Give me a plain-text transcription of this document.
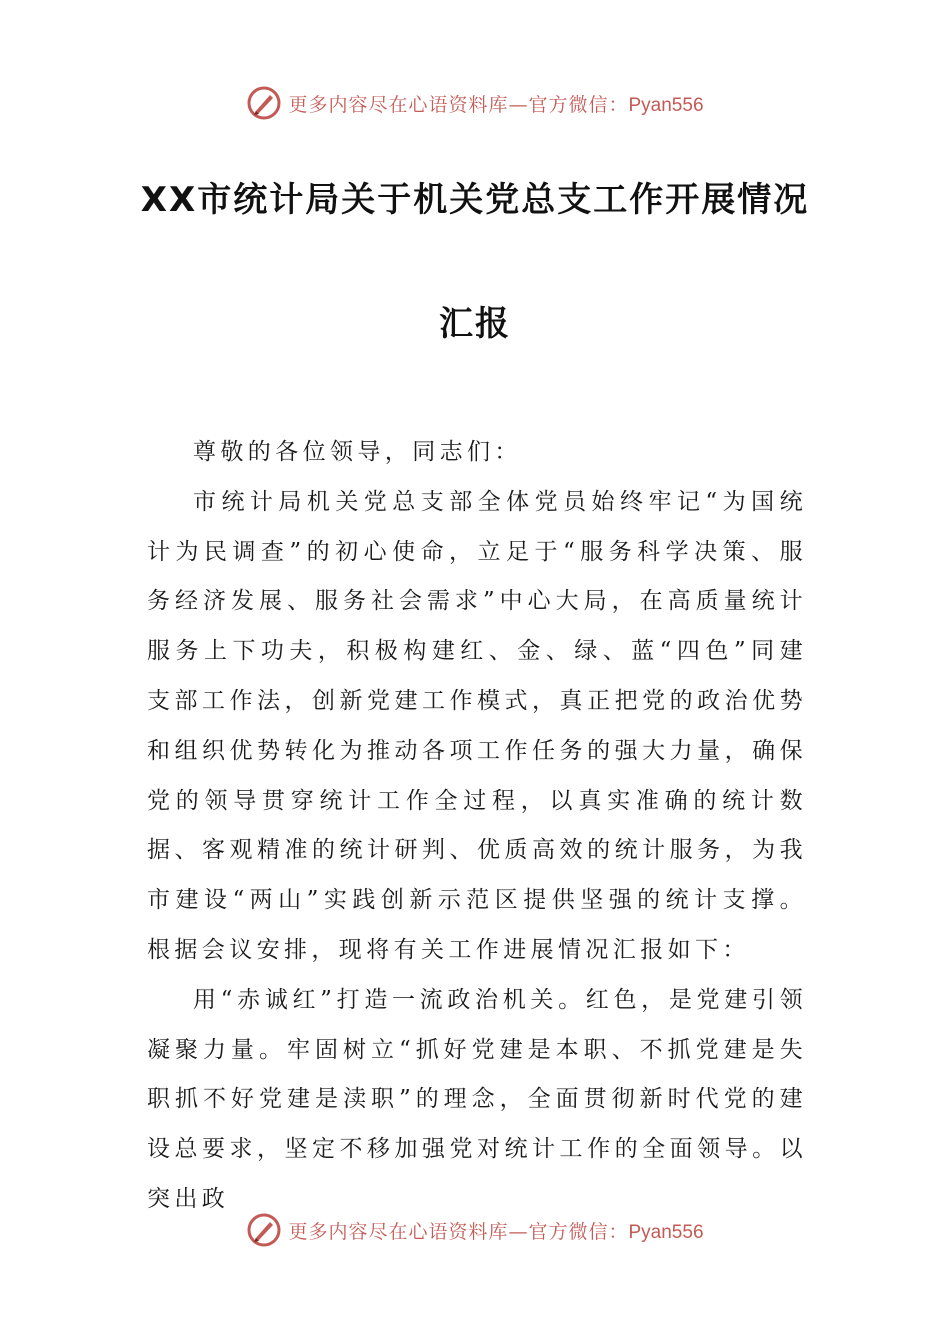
更多内容尽在心语资料库—官方微信：Pyan556
XX市统计局关于机关党总支工作开展情况
汇报

尊敬的各位领导，同志们：

市统计局机关党总支部全体党员始终牢记“为国统计为民调查”的初心使命，立足于“服务科学决策、服务经济发展、服务社会需求”中心大局，在高质量统计服务上下功夫，积极构建红、金、绿、蓝“四色”同建支部工作法，创新党建工作模式，真正把党的政治优势和组织优势转化为推动各项工作任务的强大力量，确保党的领导贯穿统计工作全过程，以真实准确的统计数据、客观精准的统计研判、优质高效的统计服务，为我市建设“两山”实践创新示范区提供坚强的统计支撑。根据会议安排，现将有关工作进展情况汇报如下：

用“赤诚红”打造一流政治机关。红色，是党建引领凝聚力量。牢固树立“抓好党建是本职、不抓党建是失职抓不好党建是渎职”的理念，全面贯彻新时代党的建设总要求，坚定不移加强党对统计工作的全面领导。以突出政

更多内容尽在心语资料库—官方微信：Pyan556
